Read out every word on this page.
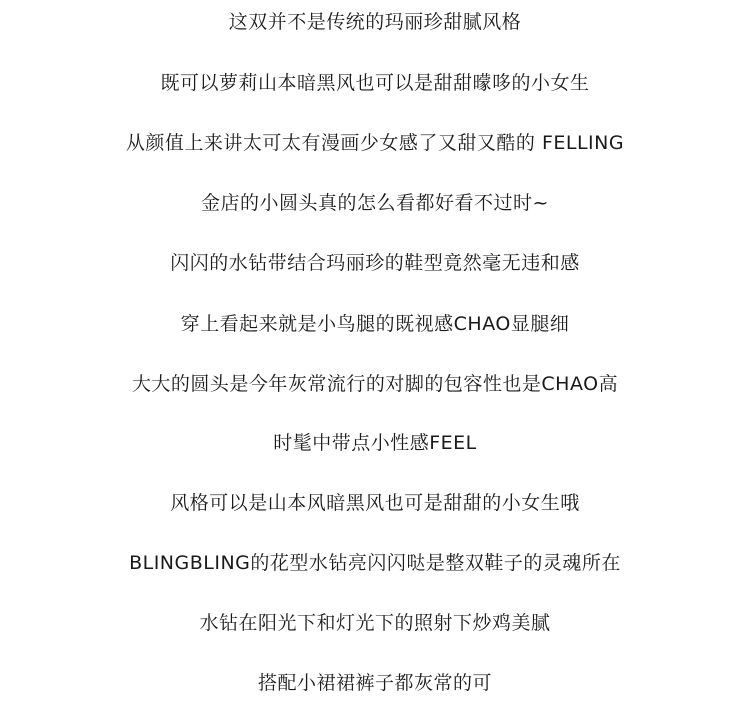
这双并不是传统的玛丽珍甜腻风格
既可以萝莉山本暗黑风也可以是甜甜曚哆的小女生
从颜值上来讲太可太有漫画少女感了又甜又酷的 FELLING
金店的小圆头真的怎么看都好看不过时~
闪闪的水钻带结合玛丽珍的鞋型竟然毫无违和感
穿上看起来就是小鸟腿的既视感CHAO显腿细
大大的圆头是今年灰常流行的对脚的包容性也是CHAO高
时髦中带点小性感FEEL
风格可以是山本风暗黑风也可是甜甜的小女生哦
BLINGBLING的花型水钻亮闪闪哒是整双鞋子的灵魂所在
水钻在阳光下和灯光下的照射下炒鸡美腻
搭配小裙裙裤子都灰常的可
